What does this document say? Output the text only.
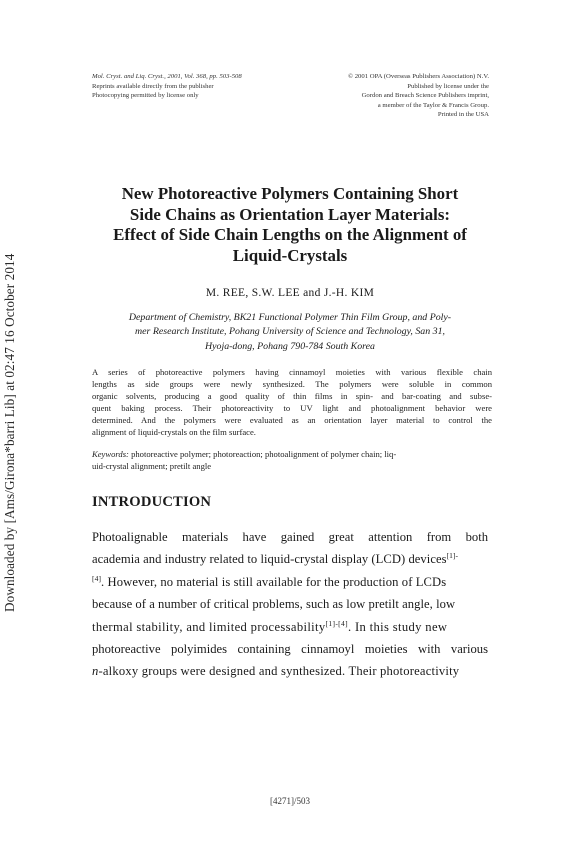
Downloaded by [Ams/Girona*barri Lib] at 02:47 16 October 2014
Mol. Cryst. and Liq. Cryst., 2001, Vol. 368, pp. 503-508
Reprints available directly from the publisher
Photocopying permitted by license only
© 2001 OPA (Overseas Publishers Association) N.V.
Published by license under the
Gordon and Breach Science Publishers imprint,
a member of the Taylor & Francis Group.
Printed in the USA
New Photoreactive Polymers Containing Short
Side Chains as Orientation Layer Materials:
Effect of Side Chain Lengths on the Alignment of
Liquid-Crystals
M. REE, S.W. LEE and J.-H. KIM
Department of Chemistry, BK21 Functional Polymer Thin Film Group, and Poly-
mer Research Institute, Pohang University of Science and Technology, San 31,
Hyoja-dong, Pohang 790-784 South Korea
A series of photoreactive polymers having cinnamoyl moieties with various flexible chain
lengths as side groups were newly synthesized. The polymers were soluble in common
organic solvents, producing a good quality of thin films in spin- and bar-coating and subse-
quent baking process. Their photoreactivity to UV light and photoalignment behavior were
determined. And the polymers were evaluated as an orientation layer material to control the
alignment of liquid-crystals on the film surface.
Keywords: photoreactive polymer; photoreaction; photoalignment of polymer chain; liq-
uid-crystal alignment; pretilt angle
INTRODUCTION
Photoalignable materials have gained great attention from both
academia and industry related to liquid-crystal display (LCD) devices$^{[1]-}$
[4]. However, no material is still available for the production of LCDs
because of a number of critical problems, such as low pretilt angle, low
thermal stability, and limited processability[1]-[4]. In this study new
photoreactive polyimides containing cinnamoyl moieties with various
n-alkoxy groups were designed and synthesized. Their photoreactivity
[4271]/503
